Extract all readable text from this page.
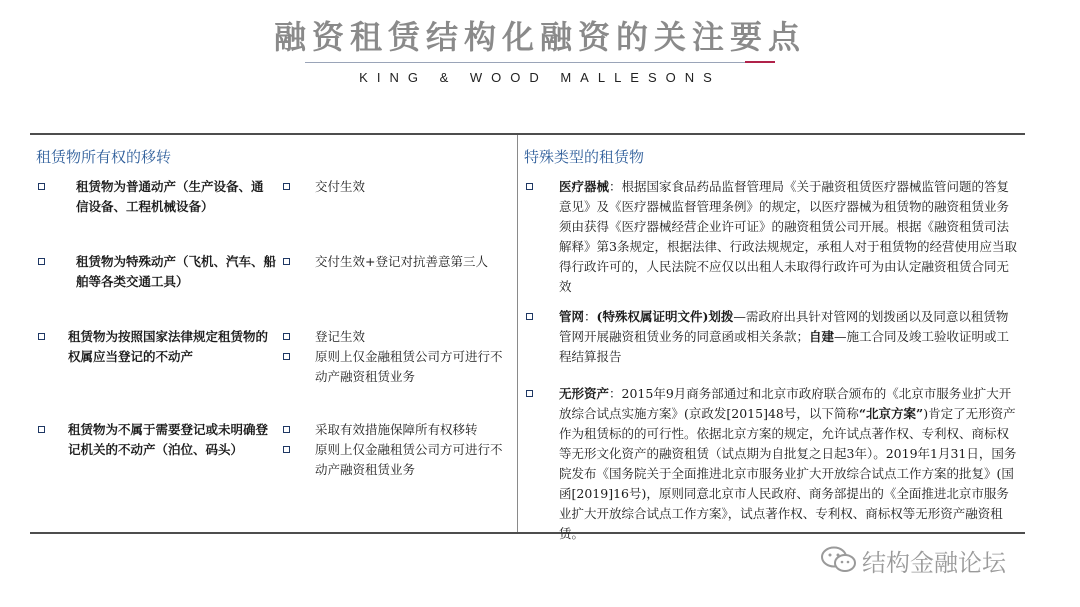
融资租赁结构化融资的关注要点
KING & WOOD MALLESONS
租赁物所有权的移转
租赁物为普通动产（生产设备、通信设备、工程机械设备）
交付生效
租赁物为特殊动产（飞机、汽车、船舶等各类交通工具）
交付生效+登记对抗善意第三人
租赁物为按照国家法律规定租赁物的权属应当登记的不动产
登记生效
原则上仅金融租赁公司方可进行不动产融资租赁业务
租赁物为不属于需要登记或未明确登记机关的不动产（泊位、码头）
采取有效措施保障所有权移转
原则上仅金融租赁公司方可进行不动产融资租赁业务
特殊类型的租赁物
医疗器械：根据国家食品药品监督管理局《关于融资租赁医疗器械监管问题的答复意见》及《医疗器械监督管理条例》的规定，以医疗器械为租赁物的融资租赁业务须由获得《医疗器械经营企业许可证》的融资租赁公司开展。根据《融资租赁司法解释》第3条规定，根据法律、行政法规规定，承租人对于租赁物的经营使用应当取得行政许可的，人民法院不应仅以出租人未取得行政许可为由认定融资租赁合同无效
管网：(特殊权属证明文件)划拨—需政府出具针对管网的划拨函以及同意以租赁物管网开展融资租赁业务的同意函或相关条款；自建—施工合同及竣工验收证明或工程结算报告
无形资产：2015年9月商务部通过和北京市政府联合颁布的《北京市服务业扩大开放综合试点实施方案》(京政发[2015]48号，以下简称“北京方案”)肯定了无形资产作为租赁标的的可行性。依据北京方案的规定，允许试点著作权、专利权、商标权等无形文化资产的融资租赁（试点期为自批复之日起3年）。2019年1月31日，国务院发布《国务院关于全面推进北京市服务业扩大开放综合试点工作方案的批复》(国函[2019]16号)，原则同意北京市人民政府、商务部提出的《全面推进北京市服务业扩大开放综合试点工作方案》，试点著作权、专利权、商标权等无形资产融资租赁。
结构金融论坛
